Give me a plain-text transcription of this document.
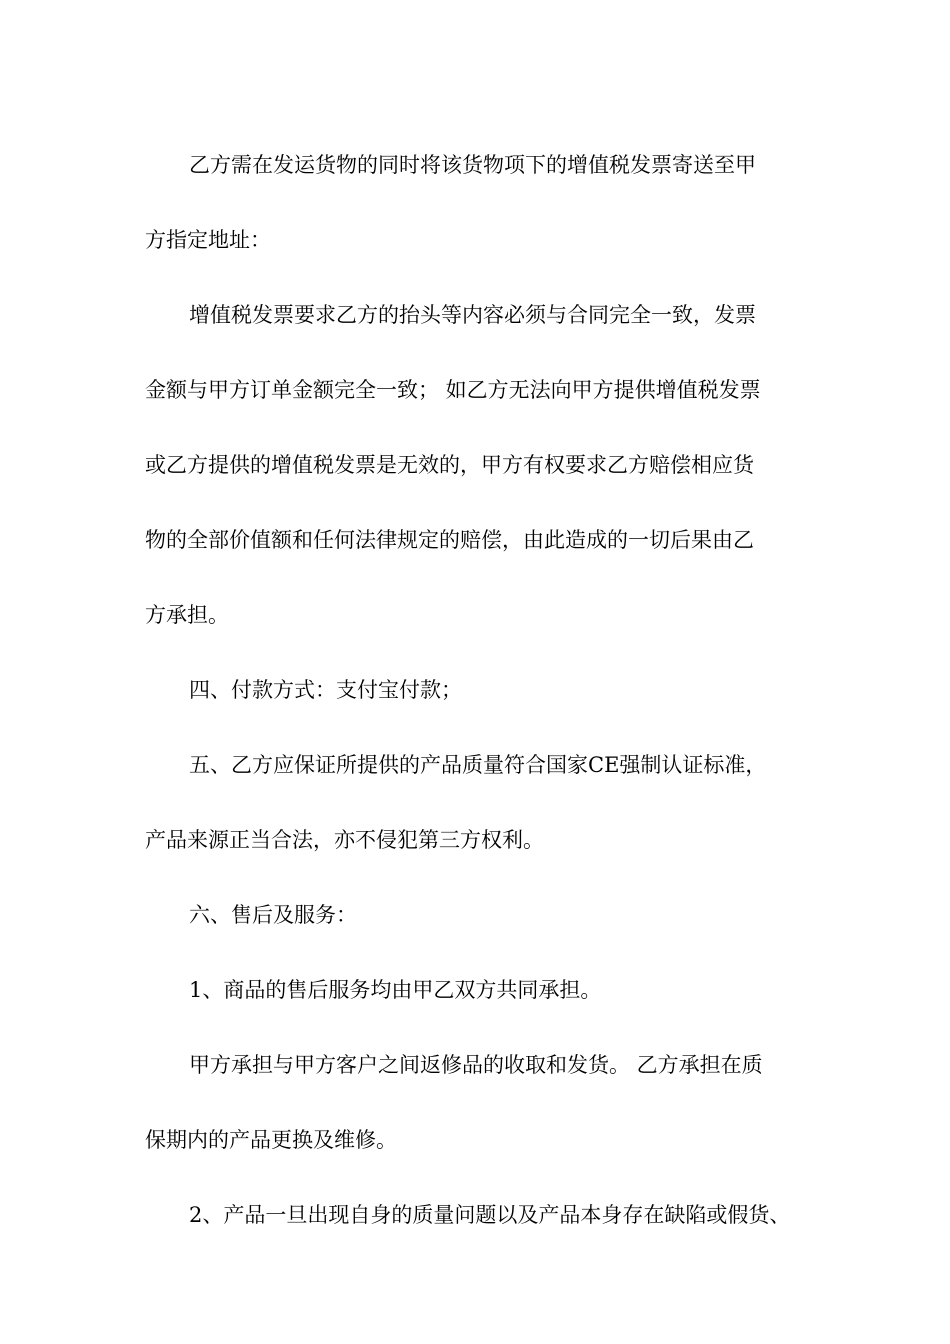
乙方需在发运货物的同时将该货物项下的增值税发票寄送至甲
方指定地址：
增值税发票要求乙方的抬头等内容必须与合同完全一致，发票
金额与甲方订单金额完全一致； 如乙方无法向甲方提供增值税发票
或乙方提供的增值税发票是无效的，甲方有权要求乙方赔偿相应货
物的全部价值额和任何法律规定的赔偿，由此造成的一切后果由乙
方承担。
四、付款方式：支付宝付款；
五、乙方应保证所提供的产品质量符合国家CE强制认证标准，
产品来源正当合法，亦不侵犯第三方权利。
六、售后及服务：
1、商品的售后服务均由甲乙双方共同承担。
甲方承担与甲方客户之间返修品的收取和发货。 乙方承担在质
保期内的产品更换及维修。
2、产品一旦出现自身的质量问题以及产品本身存在缺陷或假货、
